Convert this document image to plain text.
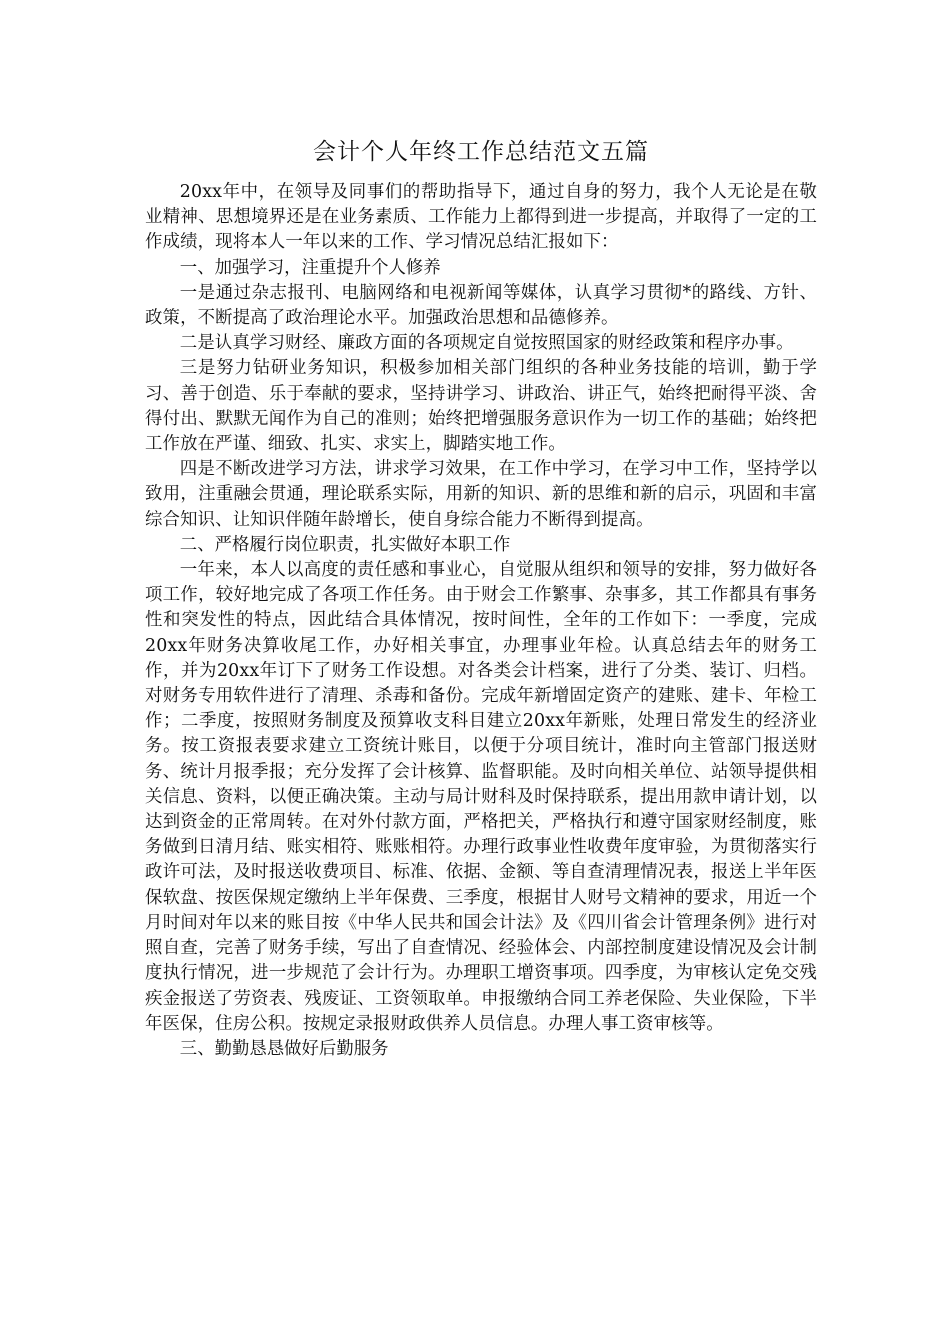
会计个人年终工作总结范文五篇

20xx年中，在领导及同事们的帮助指导下，通过自身的努力，我个人无论是在敬业精神、思想境界还是在业务素质、工作能力上都得到进一步提高，并取得了一定的工作成绩，现将本人一年以来的工作、学习情况总结汇报如下：

一、加强学习，注重提升个人修养

一是通过杂志报刊、电脑网络和电视新闻等媒体，认真学习贯彻*的路线、方针、政策，不断提高了政治理论水平。加强政治思想和品德修养。

二是认真学习财经、廉政方面的各项规定自觉按照国家的财经政策和程序办事。

三是努力钻研业务知识，积极参加相关部门组织的各种业务技能的培训，勤于学习、善于创造、乐于奉献的要求，坚持讲学习、讲政治、讲正气，始终把耐得平淡、舍得付出、默默无闻作为自己的准则；始终把增强服务意识作为一切工作的基础；始终把工作放在严谨、细致、扎实、求实上，脚踏实地工作。

四是不断改进学习方法，讲求学习效果，在工作中学习，在学习中工作，坚持学以致用，注重融会贯通，理论联系实际，用新的知识、新的思维和新的启示，巩固和丰富综合知识、让知识伴随年龄增长，使自身综合能力不断得到提高。

二、严格履行岗位职责，扎实做好本职工作

一年来，本人以高度的责任感和事业心，自觉服从组织和领导的安排，努力做好各项工作，较好地完成了各项工作任务。由于财会工作繁事、杂事多，其工作都具有事务性和突发性的特点，因此结合具体情况，按时间性，全年的工作如下：一季度，完成20xx年财务决算收尾工作，办好相关事宜，办理事业年检。认真总结去年的财务工作，并为20xx年订下了财务工作设想。对各类会计档案，进行了分类、装订、归档。对财务专用软件进行了清理、杀毒和备份。完成年新增固定资产的建账、建卡、年检工作；二季度，按照财务制度及预算收支科目建立20xx年新账，处理日常发生的经济业务。按工资报表要求建立工资统计账目，以便于分项目统计，准时向主管部门报送财务、统计月报季报；充分发挥了会计核算、监督职能。及时向相关单位、站领导提供相关信息、资料，以便正确决策。主动与局计财科及时保持联系，提出用款申请计划，以达到资金的正常周转。在对外付款方面，严格把关，严格执行和遵守国家财经制度，账务做到日清月结、账实相符、账账相符。办理行政事业性收费年度审验，为贯彻落实行政许可法，及时报送收费项目、标准、依据、金额、等自查清理情况表，报送上半年医保软盘、按医保规定缴纳上半年保费、三季度，根据甘人财号文精神的要求，用近一个月时间对年以来的账目按《中华人民共和国会计法》及《四川省会计管理条例》进行对照自查，完善了财务手续，写出了自查情况、经验体会、内部控制度建设情况及会计制度执行情况，进一步规范了会计行为。办理职工增资事项。四季度，为审核认定免交残疾金报送了劳资表、残废证、工资领取单。申报缴纳合同工养老保险、失业保险，下半年医保，住房公积。按规定录报财政供养人员信息。办理人事工资审核等。

三、勤勤恳恳做好后勤服务
